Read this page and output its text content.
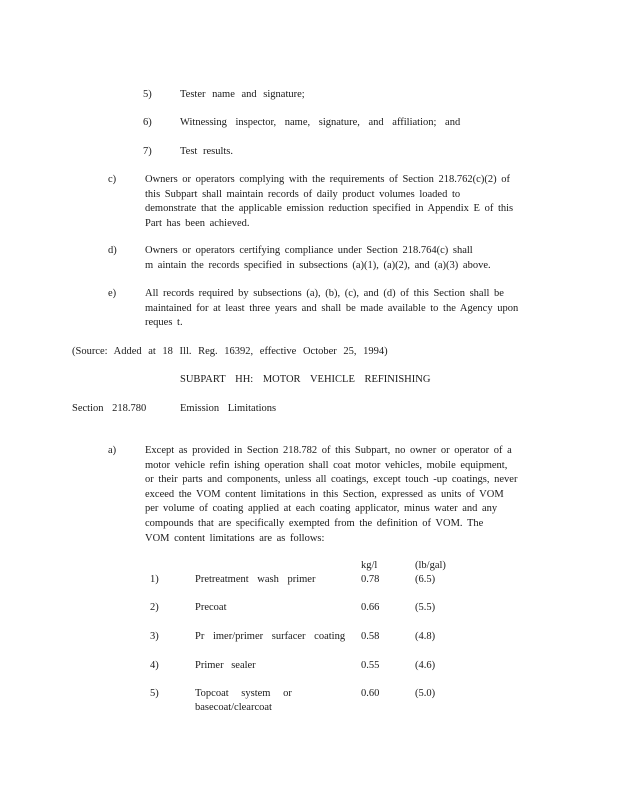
5)	Tester name and signature;
6)	Witnessing inspector, name, signature, and affiliation; and
7)	Test results.
c)	Owners or operators complying with the requirements of Section 218.762(c)(2) of
this Subpart shall maintain records of daily product volumes loaded to
demonstrate that the applicable emission reduction specified in Appendix E of this
Part has been achieved.
d)	Owners or operators certifying compliance under Section 218.764(c) shall
m aintain the records specified in subsections (a)(1), (a)(2), and (a)(3) above.
e)	All records required by subsections (a), (b), (c), and (d) of this Section shall be
maintained for at least three years and shall be made available to the Agency upon
reques t.
(Source: Added at 18 Ill. Reg. 16392, effective October 25, 1994)
SUBPART HH: MOTOR VEHICLE REFINISHING
Section 218.780	Emission Limitations
a)	Except as provided in Section 218.782 of this Subpart, no owner or operator of a
motor vehicle refin ishing operation shall coat motor vehicles, mobile equipment,
or their parts and components, unless all coatings, except touch -up coatings, never
exceed the VOM content limitations in this Section, expressed as units of VOM
per volume of coating applied at each coating applicator, minus water and any
compounds that are specifically exempted from the definition of VOM. The
VOM content limitations are as follows:
kg/l	(lb/gal)
1)	Pretreatment wash primer	0.78	(6.5)
2)	Precoat	0.66	(5.5)
3)	Pr imer/primer surfacer coating 0.58	(4.8)
4)	Primer sealer	0.55	(4.6)
5)	Topcoat system or
basecoat/clearcoat
0.60	(5.0)
